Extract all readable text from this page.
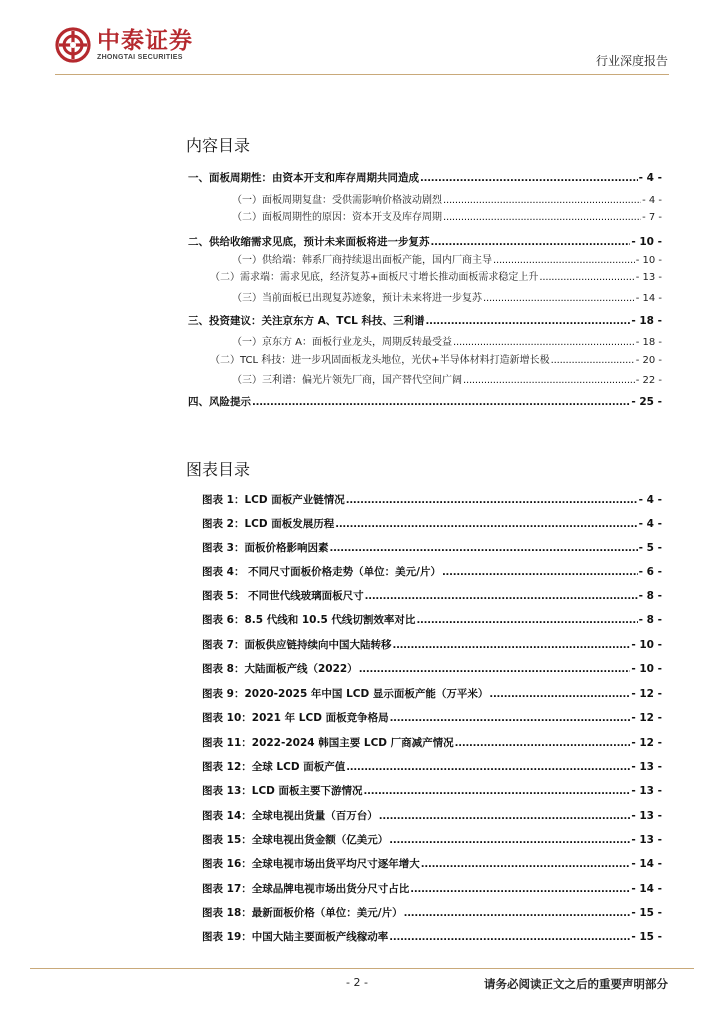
中泰证券
ZHONGTAI SECURITIES	行业深度报告
内容目录
一、面板周期性：由资本开支和库存周期共同造成 .....	- 4 -
（一）面板周期复盘：受供需影响价格波动剧烈 .....	- 4 -
（二）面板周期性的原因：资本开支及库存周期 .....	- 7 -
二、供给收缩需求见底，预计未来面板将进一步复苏 .....	- 10 -
（一）供给端：韩系厂商持续退出面板产能，国内厂商主导 .....	- 10 -
（二）需求端：需求见底，经济复苏+面板尺寸增长推动面板需求稳定上升 .....	- 13 -
（三）当前面板已出现复苏迹象，预计未来将进一步复苏 .....	- 14 -
三、投资建议：关注京东方 A、TCL 科技、三利谱 .....	- 18 -
（一）京东方 A：面板行业龙头，周期反转最受益 .....	- 18 -
（二）TCL 科技：进一步巩固面板龙头地位，光伏+半导体材料打造新增长极 .....	- 20 -
（三）三利谱：偏光片领先厂商，国产替代空间广阔 .....	- 22 -
四、风险提示 .....	- 25 -
图表目录
图表 1：LCD 面板产业链情况 .....	- 4 -
图表 2：LCD 面板发展历程 .....	- 4 -
图表 3：面板价格影响因素 .....	- 5 -
图表 4： 不同尺寸面板价格走势（单位：美元/片） .....	- 6 -
图表 5： 不同世代线玻璃面板尺寸 .....	- 8 -
图表 6：8.5 代线和 10.5 代线切割效率对比 .....	- 8 -
图表 7：面板供应链持续向中国大陆转移 .....	- 10 -
图表 8：大陆面板产线（2022） .....	- 10 -
图表 9：2020-2025 年中国 LCD 显示面板产能（万平米） .....	- 12 -
图表 10：2021 年 LCD 面板竞争格局 .....	- 12 -
图表 11：2022-2024 韩国主要 LCD 厂商减产情况 .....	- 12 -
图表 12：全球 LCD 面板产值 .....	- 13 -
图表 13：LCD 面板主要下游情况 .....	- 13 -
图表 14：全球电视出货量（百万台） .....	- 13 -
图表 15：全球电视出货金额（亿美元） .....	- 13 -
图表 16：全球电视市场出货平均尺寸逐年增大 .....	- 14 -
图表 17：全球品牌电视市场出货分尺寸占比 .....	- 14 -
图表 18：最新面板价格（单位：美元/片） .....	- 15 -
图表 19：中国大陆主要面板产线稼动率 .....	- 15 -
- 2 -	请务必阅读正文之后的重要声明部分
